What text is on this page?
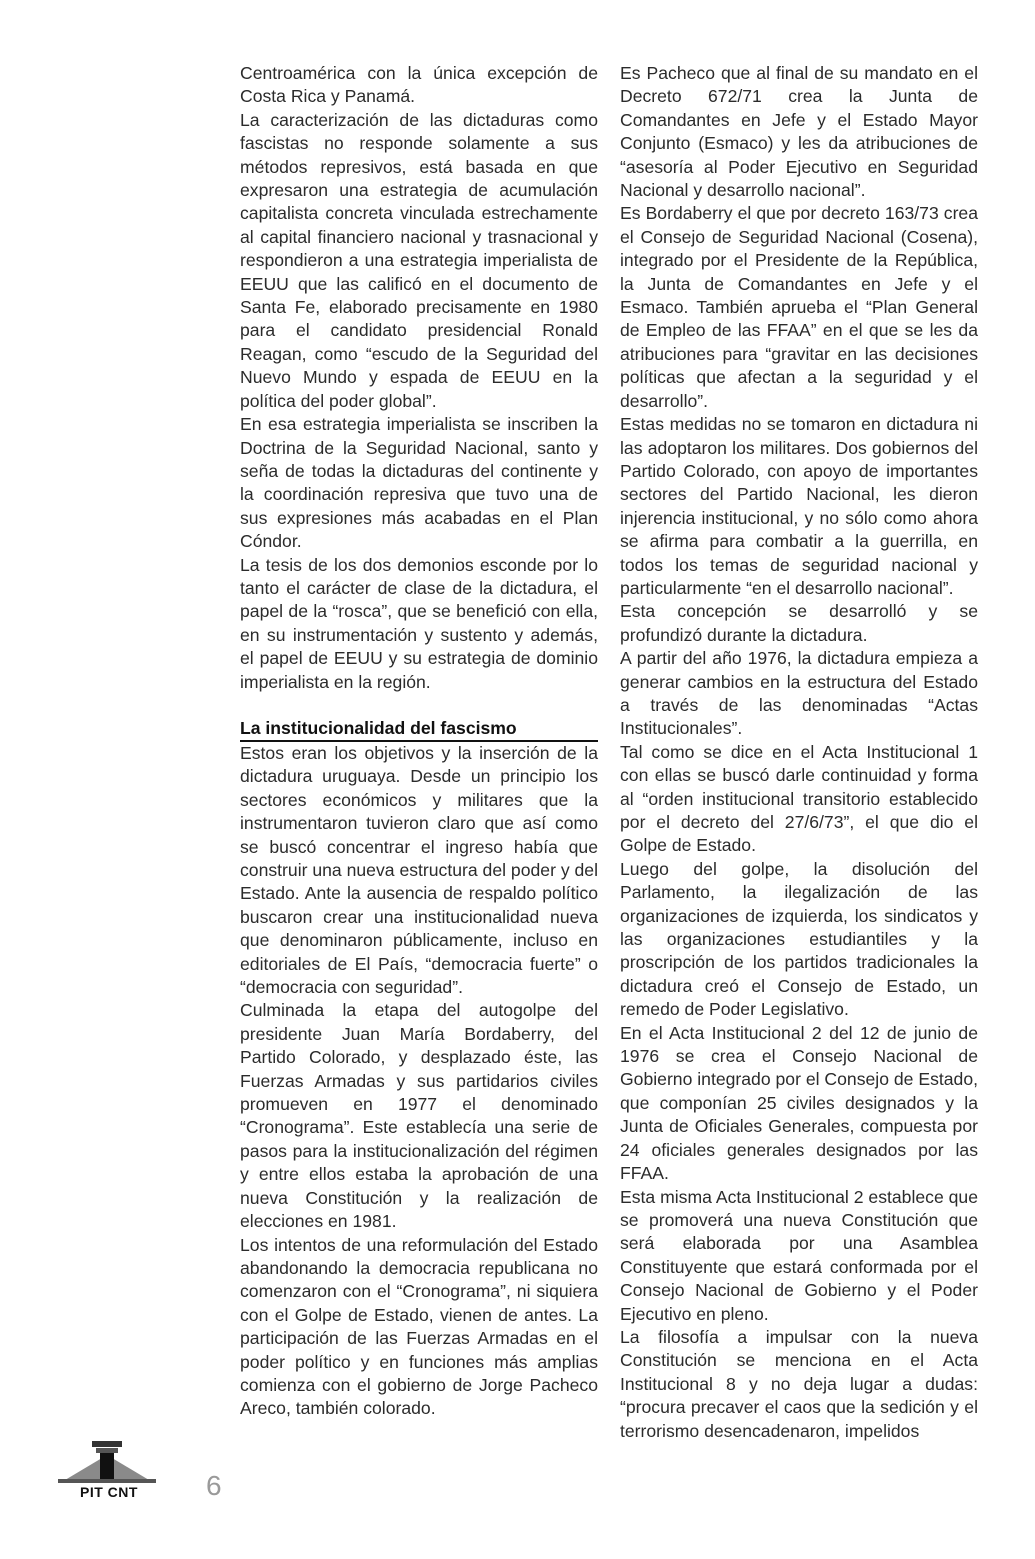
Centroamérica con la única excepción de Costa Rica y Panamá.

La caracterización de las dictaduras como fascistas no responde solamente a sus métodos represivos, está basada en que expresaron una estrategia de acumulación capitalista concreta vinculada estrechamente al capital financiero nacional y trasnacional y respondieron a una estrategia imperialista de EEUU que las calificó en el documento de Santa Fe, elaborado precisamente en 1980 para el candidato presidencial Ronald Reagan, como “escudo de la Seguridad del Nuevo Mundo y espada de EEUU en la política del poder global”.

En esa estrategia imperialista se inscriben la Doctrina de la Seguridad Nacional, santo y seña de todas la dictaduras del continente y la coordinación represiva que tuvo una de sus expresiones más acabadas en el Plan Cóndor.

La tesis de los dos demonios esconde por lo tanto el carácter de clase de la dictadura, el papel de la “rosca”, que se benefició con ella, en su instrumentación y sustento y además, el papel de EEUU y su estrategia de dominio imperialista en la región.

La institucionalidad del fascismo

Estos eran los objetivos y la inserción de la dictadura uruguaya. Desde un principio los sectores económicos y militares que la instrumentaron tuvieron claro que así como se buscó concentrar el ingreso había que construir una nueva estructura del poder y del Estado. Ante la ausencia de respaldo político buscaron crear una institucionalidad nueva que denominaron públicamente, incluso en editoriales de El País, “democracia fuerte” o “democracia con seguridad”.

Culminada la etapa del autogolpe del presidente Juan María Bordaberry, del Partido Colorado, y desplazado éste, las Fuerzas Armadas y sus partidarios civiles promueven en 1977 el denominado “Cronograma”. Este establecía una serie de pasos para la institucionalización del régimen y entre ellos estaba la aprobación de una nueva Constitución y la realización de elecciones en 1981.

Los intentos de una reformulación del Estado abandonando la democracia republicana no comenzaron con el “Cronograma”, ni siquiera con el Golpe de Estado, vienen de antes. La participación de las Fuerzas Armadas en el poder político y en funciones más amplias comienza con el gobierno de Jorge Pacheco Areco, también colorado.

Es Pacheco que al final de su mandato en el Decreto 672/71 crea la Junta de Comandantes en Jefe y el Estado Mayor Conjunto (Esmaco) y les da atribuciones de “asesoría al Poder Ejecutivo en Seguridad Nacional y desarrollo nacional”.

Es Bordaberry el que por decreto 163/73 crea el Consejo de Seguridad Nacional (Cosena), integrado por el Presidente de la República, la Junta de Comandantes en Jefe y el Esmaco. También aprueba el “Plan General de Empleo de las FFAA” en el que se les da atribuciones para “gravitar en las decisiones políticas que afectan a la seguridad y el desarrollo”.

Estas medidas no se tomaron en dictadura ni las adoptaron los militares. Dos gobiernos del Partido Colorado, con apoyo de importantes sectores del Partido Nacional, les dieron injerencia institucional, y no sólo como ahora se afirma para combatir a la guerrilla, en todos los temas de seguridad nacional y particularmente “en el desarrollo nacional”.

Esta concepción se desarrolló y se profundizó durante la dictadura.

A partir del año 1976, la dictadura empieza a generar cambios en la estructura del Estado a través de las denominadas “Actas Institucionales”.

Tal como se dice en el Acta Institucional 1 con ellas se buscó darle continuidad y forma al “orden institucional transitorio establecido por el decreto del 27/6/73”, el que dio el Golpe de Estado.

Luego del golpe, la disolución del Parlamento, la ilegalización de las organizaciones de izquierda, los sindicatos y las organizaciones estudiantiles y la proscripción de los partidos tradicionales la dictadura creó el Consejo de Estado, un remedo de Poder Legislativo.

En el Acta Institucional 2 del 12 de junio de 1976 se crea el Consejo Nacional de Gobierno integrado por el Consejo de Estado, que componían 25 civiles designados y la Junta de Oficiales Generales, compuesta por 24 oficiales generales designados por las FFAA.

Esta misma Acta Institucional 2 establece que se promoverá una nueva Constitución que será elaborada por una Asamblea Constituyente que estará conformada por el Consejo Nacional de Gobierno y el Poder Ejecutivo en pleno.

La filosofía a impulsar con la nueva Constitución se menciona en el Acta Institucional 8 y no deja lugar a dudas: “procura precaver el caos que la sedición y el terrorismo desencadenaron, impelidos

PIT CNT	6
